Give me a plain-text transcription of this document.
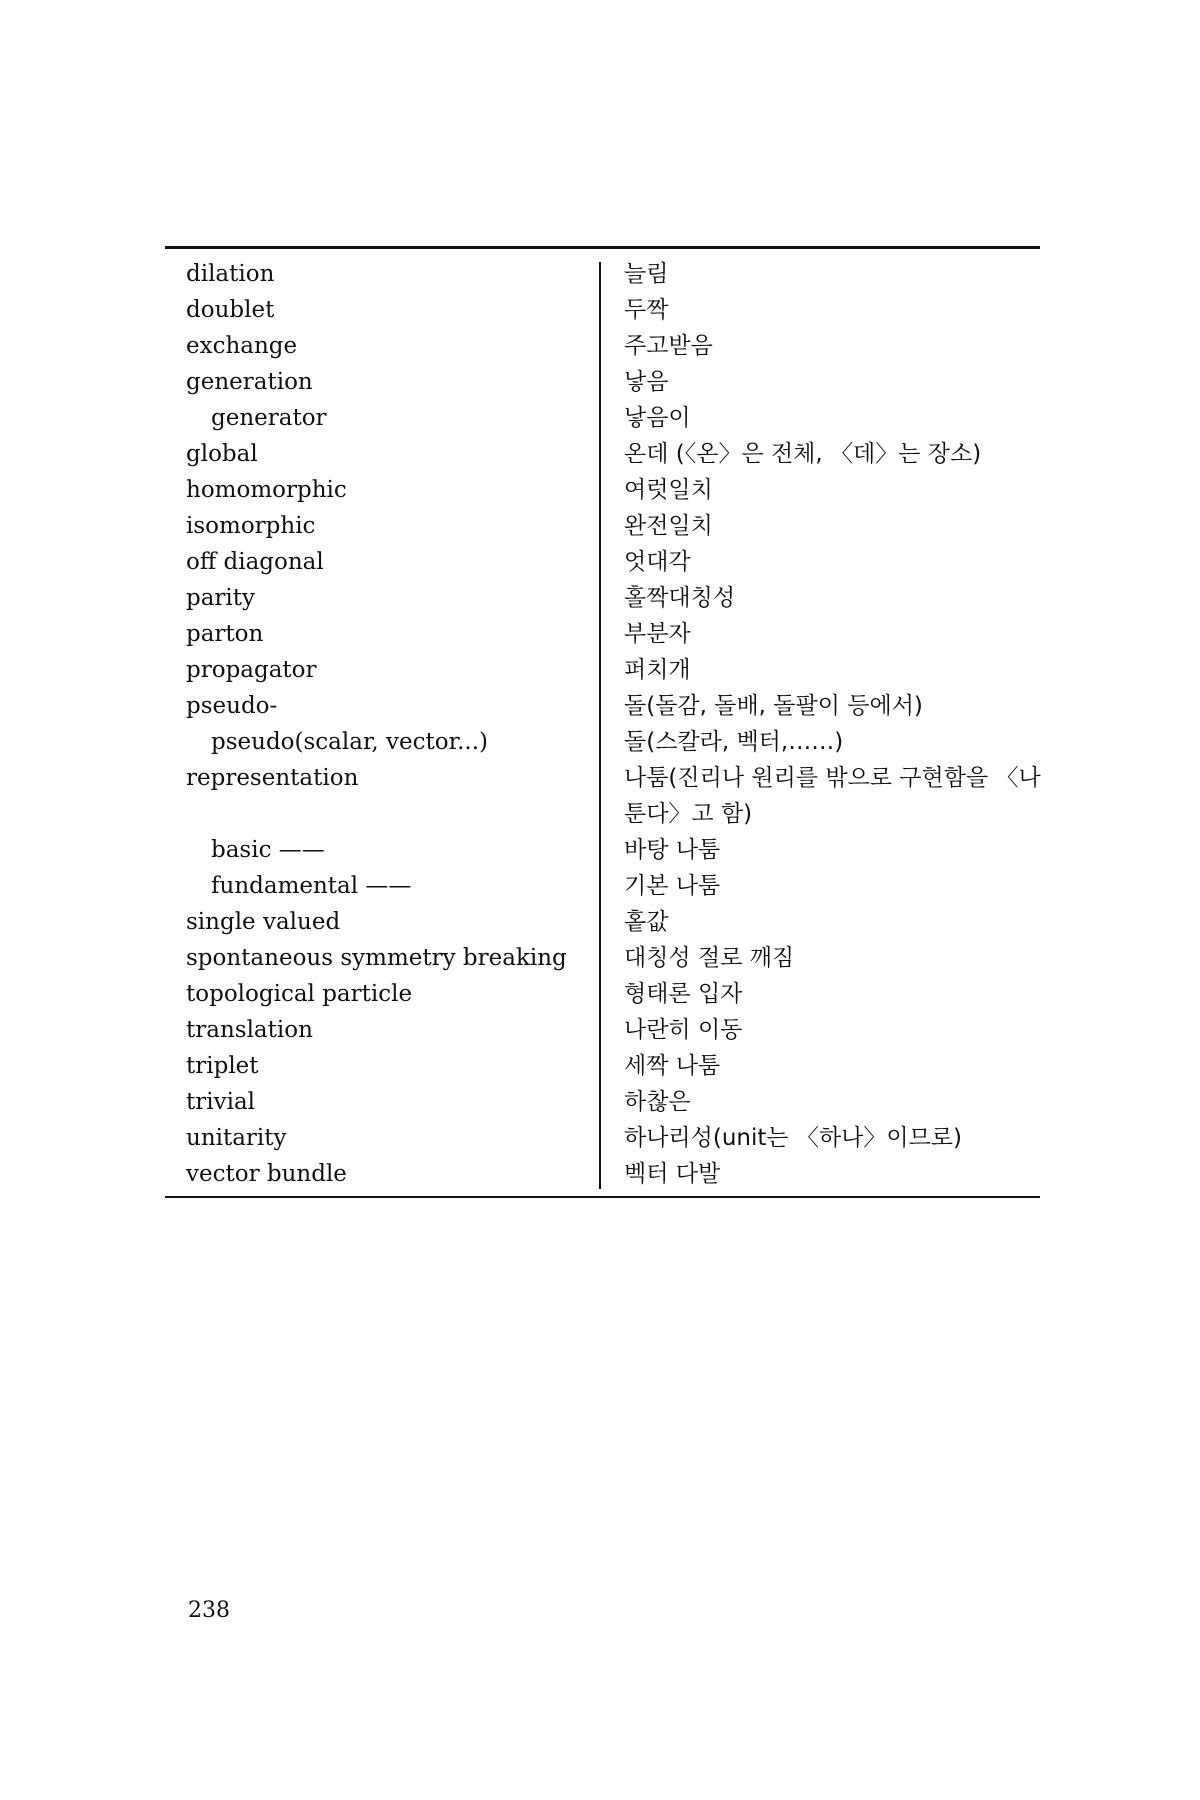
dilation	늘림
doublet	두짝
exchange	주고받음
generation	낳음
generator	낳음이
global	온데 (〈온〉은 전체, 〈데〉는 장소)
homomorphic	여럿일치
isomorphic	완전일치
off diagonal	엇대각
parity	홀짝대칭성
parton	부분자
propagator	퍼치개
pseudo-	돌(돌감, 돌배, 돌팔이 등에서)
pseudo(scalar, vector...)	돌(스칼라, 벡터,……)
representation	나툼(진리나 원리를 밖으로 구현함을 〈나툰다〉고 함)
basic ——	바탕 나툼
fundamental ——	기본 나툼
single valued	홑값
spontaneous symmetry breaking 대칭성 절로 깨짐
topological particle	형태론 입자
translation	나란히 이동
triplet	세짝 나툼
trivial	하찮은
unitarity	하나리성(unit는 〈하나〉이므로)
vector bundle	벡터 다발
238
